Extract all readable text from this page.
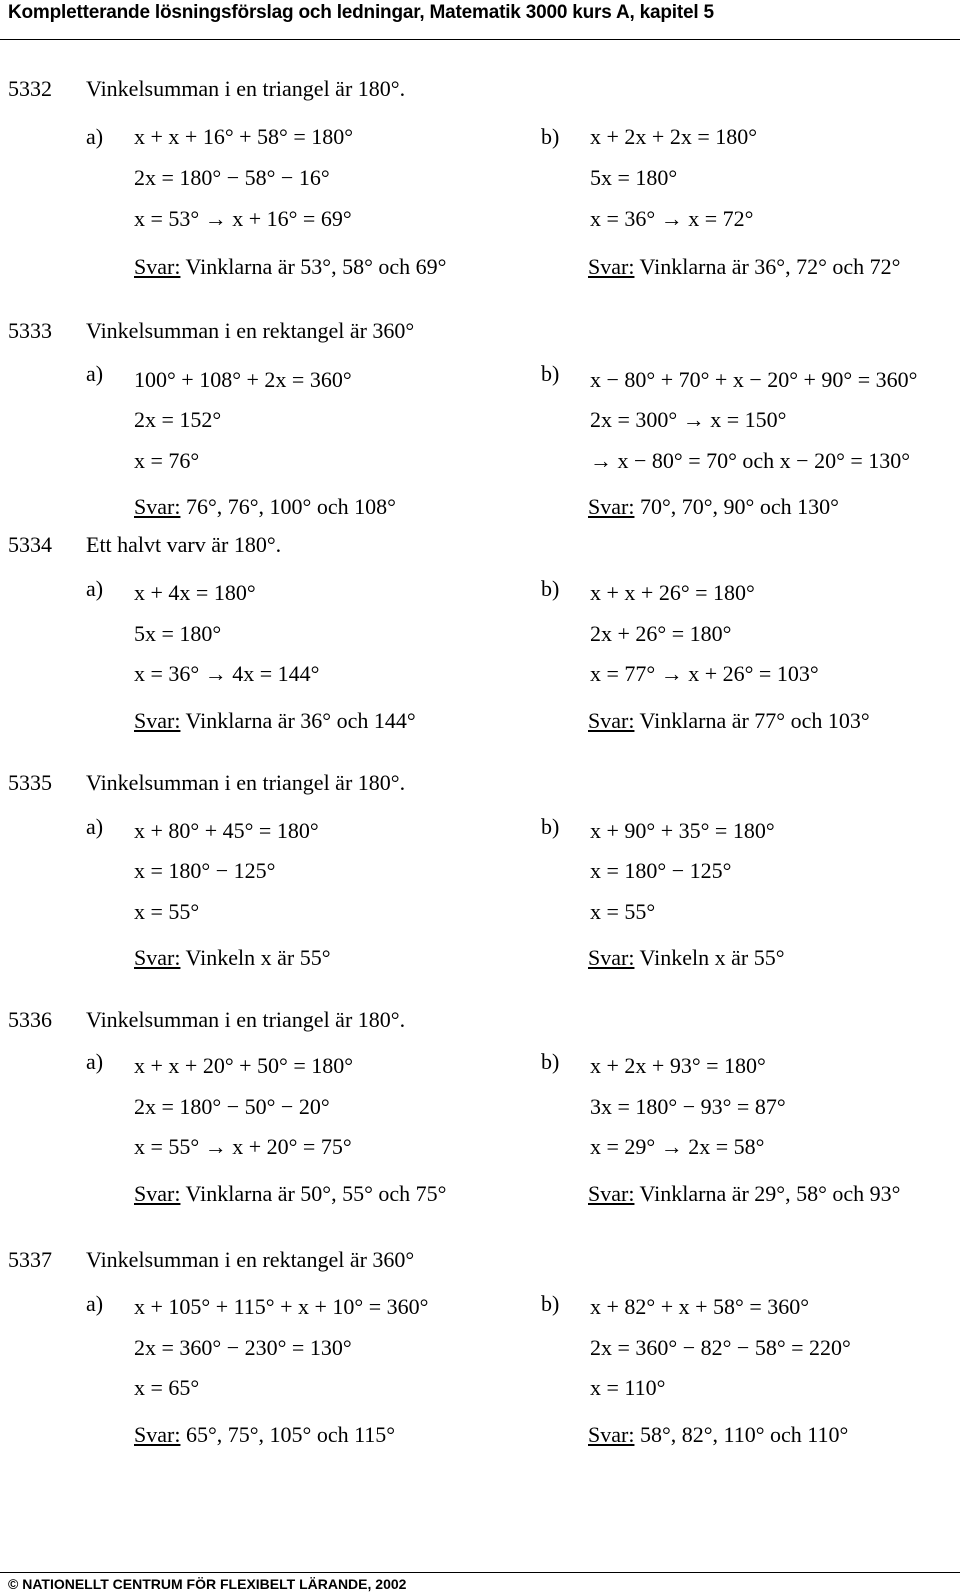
Kompletterande lösningsförslag och ledningar, Matematik 3000 kurs A, kapitel 5
5332 Vinkelsumman i en triangel är 180°.
a) x + x + 16° + 58° = 180°
2x = 180° − 58° − 16°
x = 53° → x + 16° = 69°
Svar: Vinklarna är 53°, 58° och 69°
b) x + 2x + 2x = 180°
5x = 180°
x = 36° → x = 72°
Svar: Vinklarna är 36°, 72° och 72°
5333 Vinkelsumman i en rektangel är 360°
a) 100° + 108° + 2x = 360°
2x = 152°
x = 76°
Svar: 76°, 76°, 100° och 108°
b) x − 80° + 70° + x − 20° + 90° = 360°
2x = 300° → x = 150°
→ x − 80° = 70° och x − 20° = 130°
Svar: 70°, 70°, 90° och 130°
5334 Ett halvt varv är 180°.
a) x + 4x = 180°
5x = 180°
x = 36° → 4x = 144°
Svar: Vinklarna är 36° och 144°
b) x + x + 26° = 180°
2x + 26° = 180°
x = 77° → x + 26° = 103°
Svar: Vinklarna är 77° och 103°
5335 Vinkelsumman i en triangel är 180°.
a) x + 80° + 45° = 180°
x = 180° − 125°
x = 55°
Svar: Vinkeln x är 55°
b) x + 90° + 35° = 180°
x = 180° − 125°
x = 55°
Svar: Vinkeln x är 55°
5336 Vinkelsumman i en triangel är 180°.
a) x + x + 20° + 50° = 180°
2x = 180° − 50° − 20°
x = 55° → x + 20° = 75°
Svar: Vinklarna är 50°, 55° och 75°
b) x + 2x + 93° = 180°
3x = 180° − 93° = 87°
x = 29° → 2x = 58°
Svar: Vinklarna är 29°, 58° och 93°
5337 Vinkelsumman i en rektangel är 360°
a) x + 105° + 115° + x + 10° = 360°
2x = 360° − 230° = 130°
x = 65°
Svar: 65°, 75°, 105° och 115°
b) x + 82° + x + 58° = 360°
2x = 360° − 82° − 58° = 220°
x = 110°
Svar: 58°, 82°, 110° och 110°
© NATIONELLT CENTRUM FÖR FLEXIBELT LÄRANDE, 2002
